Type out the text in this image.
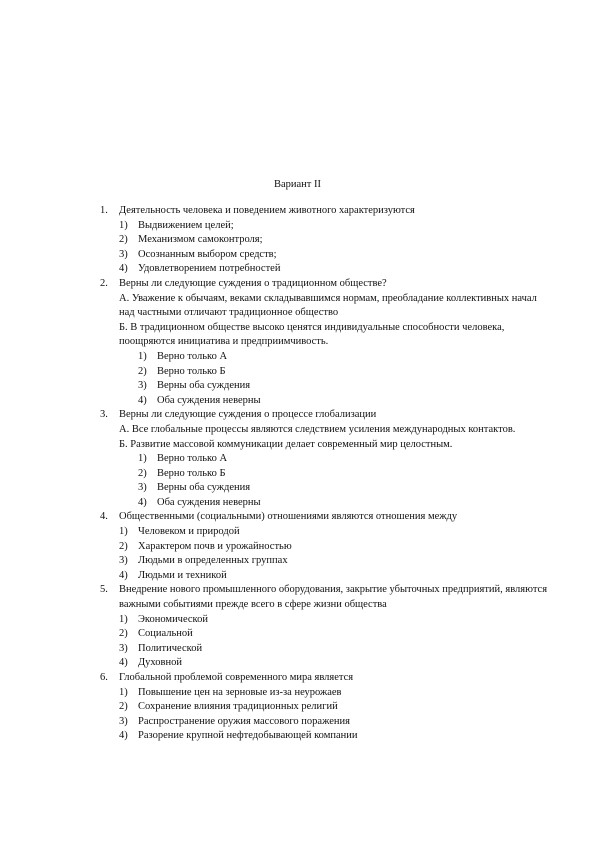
Вариант II
1. Деятельность человека и поведением животного характеризуются
1) Выдвижением целей;
2) Механизмом самоконтроля;
3) Осознанным выбором средств;
4) Удовлетворением потребностей
2. Верны ли следующие суждения о традиционном обществе?
А. Уважение к обычаям, веками складывавшимся нормам, преобладание коллективных начал над частными отличают традиционное общество
Б. В традиционном обществе высоко ценятся индивидуальные способности человека, поощряются инициатива и предприимчивость.
1) Верно только А
2) Верно только Б
3) Верны оба суждения
4) Оба суждения неверны
3. Верны ли следующие суждения о процессе глобализации
А. Все глобальные процессы являются следствием усиления международных контактов.
Б. Развитие массовой коммуникации делает современный мир целостным.
1) Верно только А
2) Верно только Б
3) Верны оба суждения
4) Оба суждения неверны
4. Общественными (социальными) отношениями являются отношения между
1) Человеком и природой
2) Характером почв и урожайностью
3) Людьми в определенных группах
4) Людьми и техникой
5. Внедрение нового промышленного оборудования, закрытие убыточных предприятий, являются важными событиями прежде всего в сфере жизни общества
1) Экономической
2) Социальной
3) Политической
4) Духовной
6. Глобальной проблемой современного мира является
1) Повышение цен на зерновые из-за неурожаев
2) Сохранение влияния традиционных религий
3) Распространение оружия массового поражения
4) Разорение крупной нефтедобывающей компании
